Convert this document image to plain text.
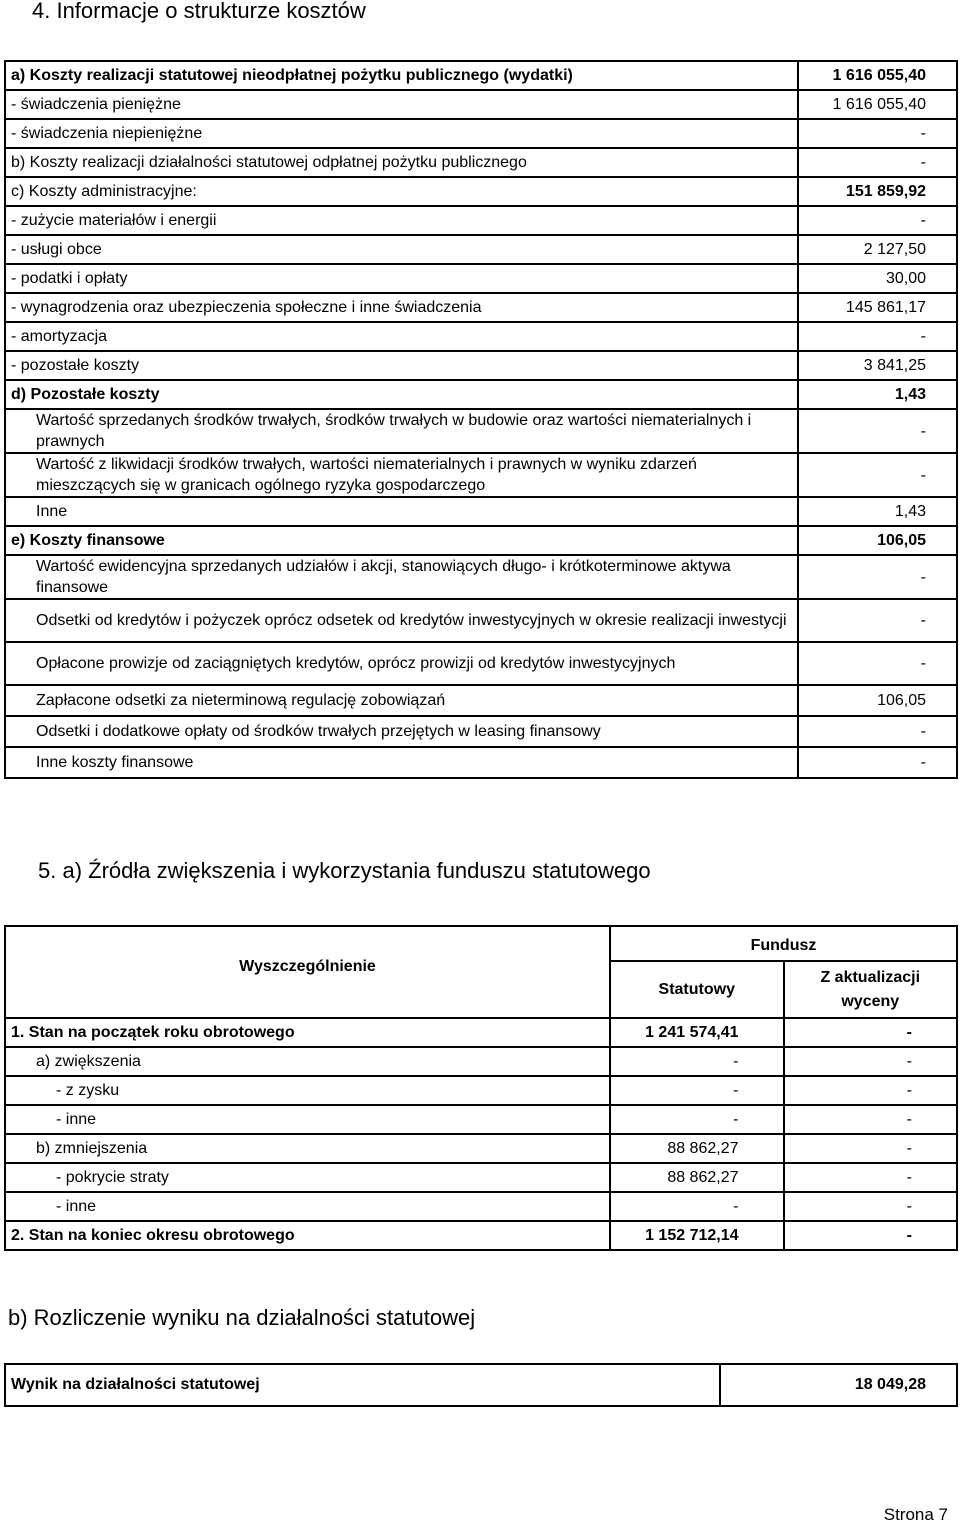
4. Informacje o strukturze kosztów
a) Koszty realizacji statutowej nieodpłatnej pożytku publicznego (wydatki)	1 616 055,40
- świadczenia pieniężne	1 616 055,40
- świadczenia niepieniężne	-
b) Koszty realizacji działalności statutowej odpłatnej pożytku publicznego	-
c) Koszty administracyjne:	151 859,92
- zużycie materiałów i energii	-
- usługi obce	2 127,50
- podatki i opłaty	30,00
- wynagrodzenia oraz ubezpieczenia społeczne i inne świadczenia	145 861,17
- amortyzacja	-
- pozostałe koszty	3 841,25
d) Pozostałe koszty	1,43
Wartość sprzedanych środków trwałych, środków trwałych w budowie oraz wartości niematerialnych i prawnych	-
Wartość z likwidacji środków trwałych, wartości niematerialnych i prawnych w wyniku zdarzeń mieszczących się w granicach ogólnego ryzyka gospodarczego	-
Inne	1,43
e) Koszty finansowe	106,05
Wartość ewidencyjna sprzedanych udziałów i akcji, stanowiących długo- i krótkoterminowe aktywa finansowe	-
Odsetki od kredytów i pożyczek oprócz odsetek od kredytów inwestycyjnych w okresie realizacji inwestycji	-
Opłacone prowizje od zaciągniętych kredytów, oprócz prowizji od kredytów inwestycyjnych	-
Zapłacone odsetki za nieterminową regulację zobowiązań	106,05
Odsetki i dodatkowe opłaty od środków trwałych przejętych w leasing finansowy	-
Inne koszty finansowe	-
5. a) Źródła zwiększenia i wykorzystania funduszu statutowego
Wyszczególnienie	Fundusz	
	Statutowy	Z aktualizacji wyceny
1. Stan na początek roku obrotowego	1 241 574,41	-
a) zwiększenia	-	-
- z zysku	-	-
- inne	-	-
b) zmniejszenia	88 862,27	-
- pokrycie straty	88 862,27	-
- inne	-	-
2. Stan na koniec okresu obrotowego	1 152 712,14	-
b) Rozliczenie wyniku na działalności statutowej
Wynik na działalności statutowej	18 049,28
Strona 7
